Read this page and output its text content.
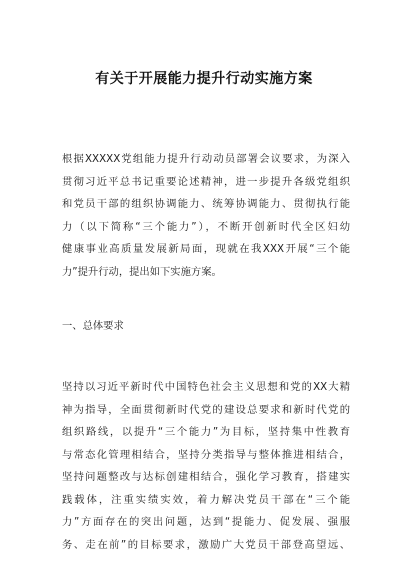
有关于开展能力提升行动实施方案
根据XXXXX党组能力提升行动动员部署会议要求，为深入
贯彻习近平总书记重要论述精神，进一步提升各级党组织
和党员干部的组织协调能力、统筹协调能力、贯彻执行能
力（以下简称“三个能力”），不断开创新时代全区妇幼
健康事业高质量发展新局面，现就在我XXX开展“三个能
力”提升行动，提出如下实施方案。
一、总体要求
坚持以习近平新时代中国特色社会主义思想和党的XX大精
神为指导，全面贯彻新时代党的建设总要求和新时代党的
组织路线，以提升“三个能力”为目标，坚持集中性教育
与常态化管理相结合，坚持分类指导与整体推进相结合，
坚持问题整改与达标创建相结合，强化学习教育，搭建实
践载体，注重实绩实效，着力解决党员干部在“三个能
力”方面存在的突出问题，达到“提能力、促发展、强服
务、走在前”的目标要求，激励广大党员干部登高望远、
